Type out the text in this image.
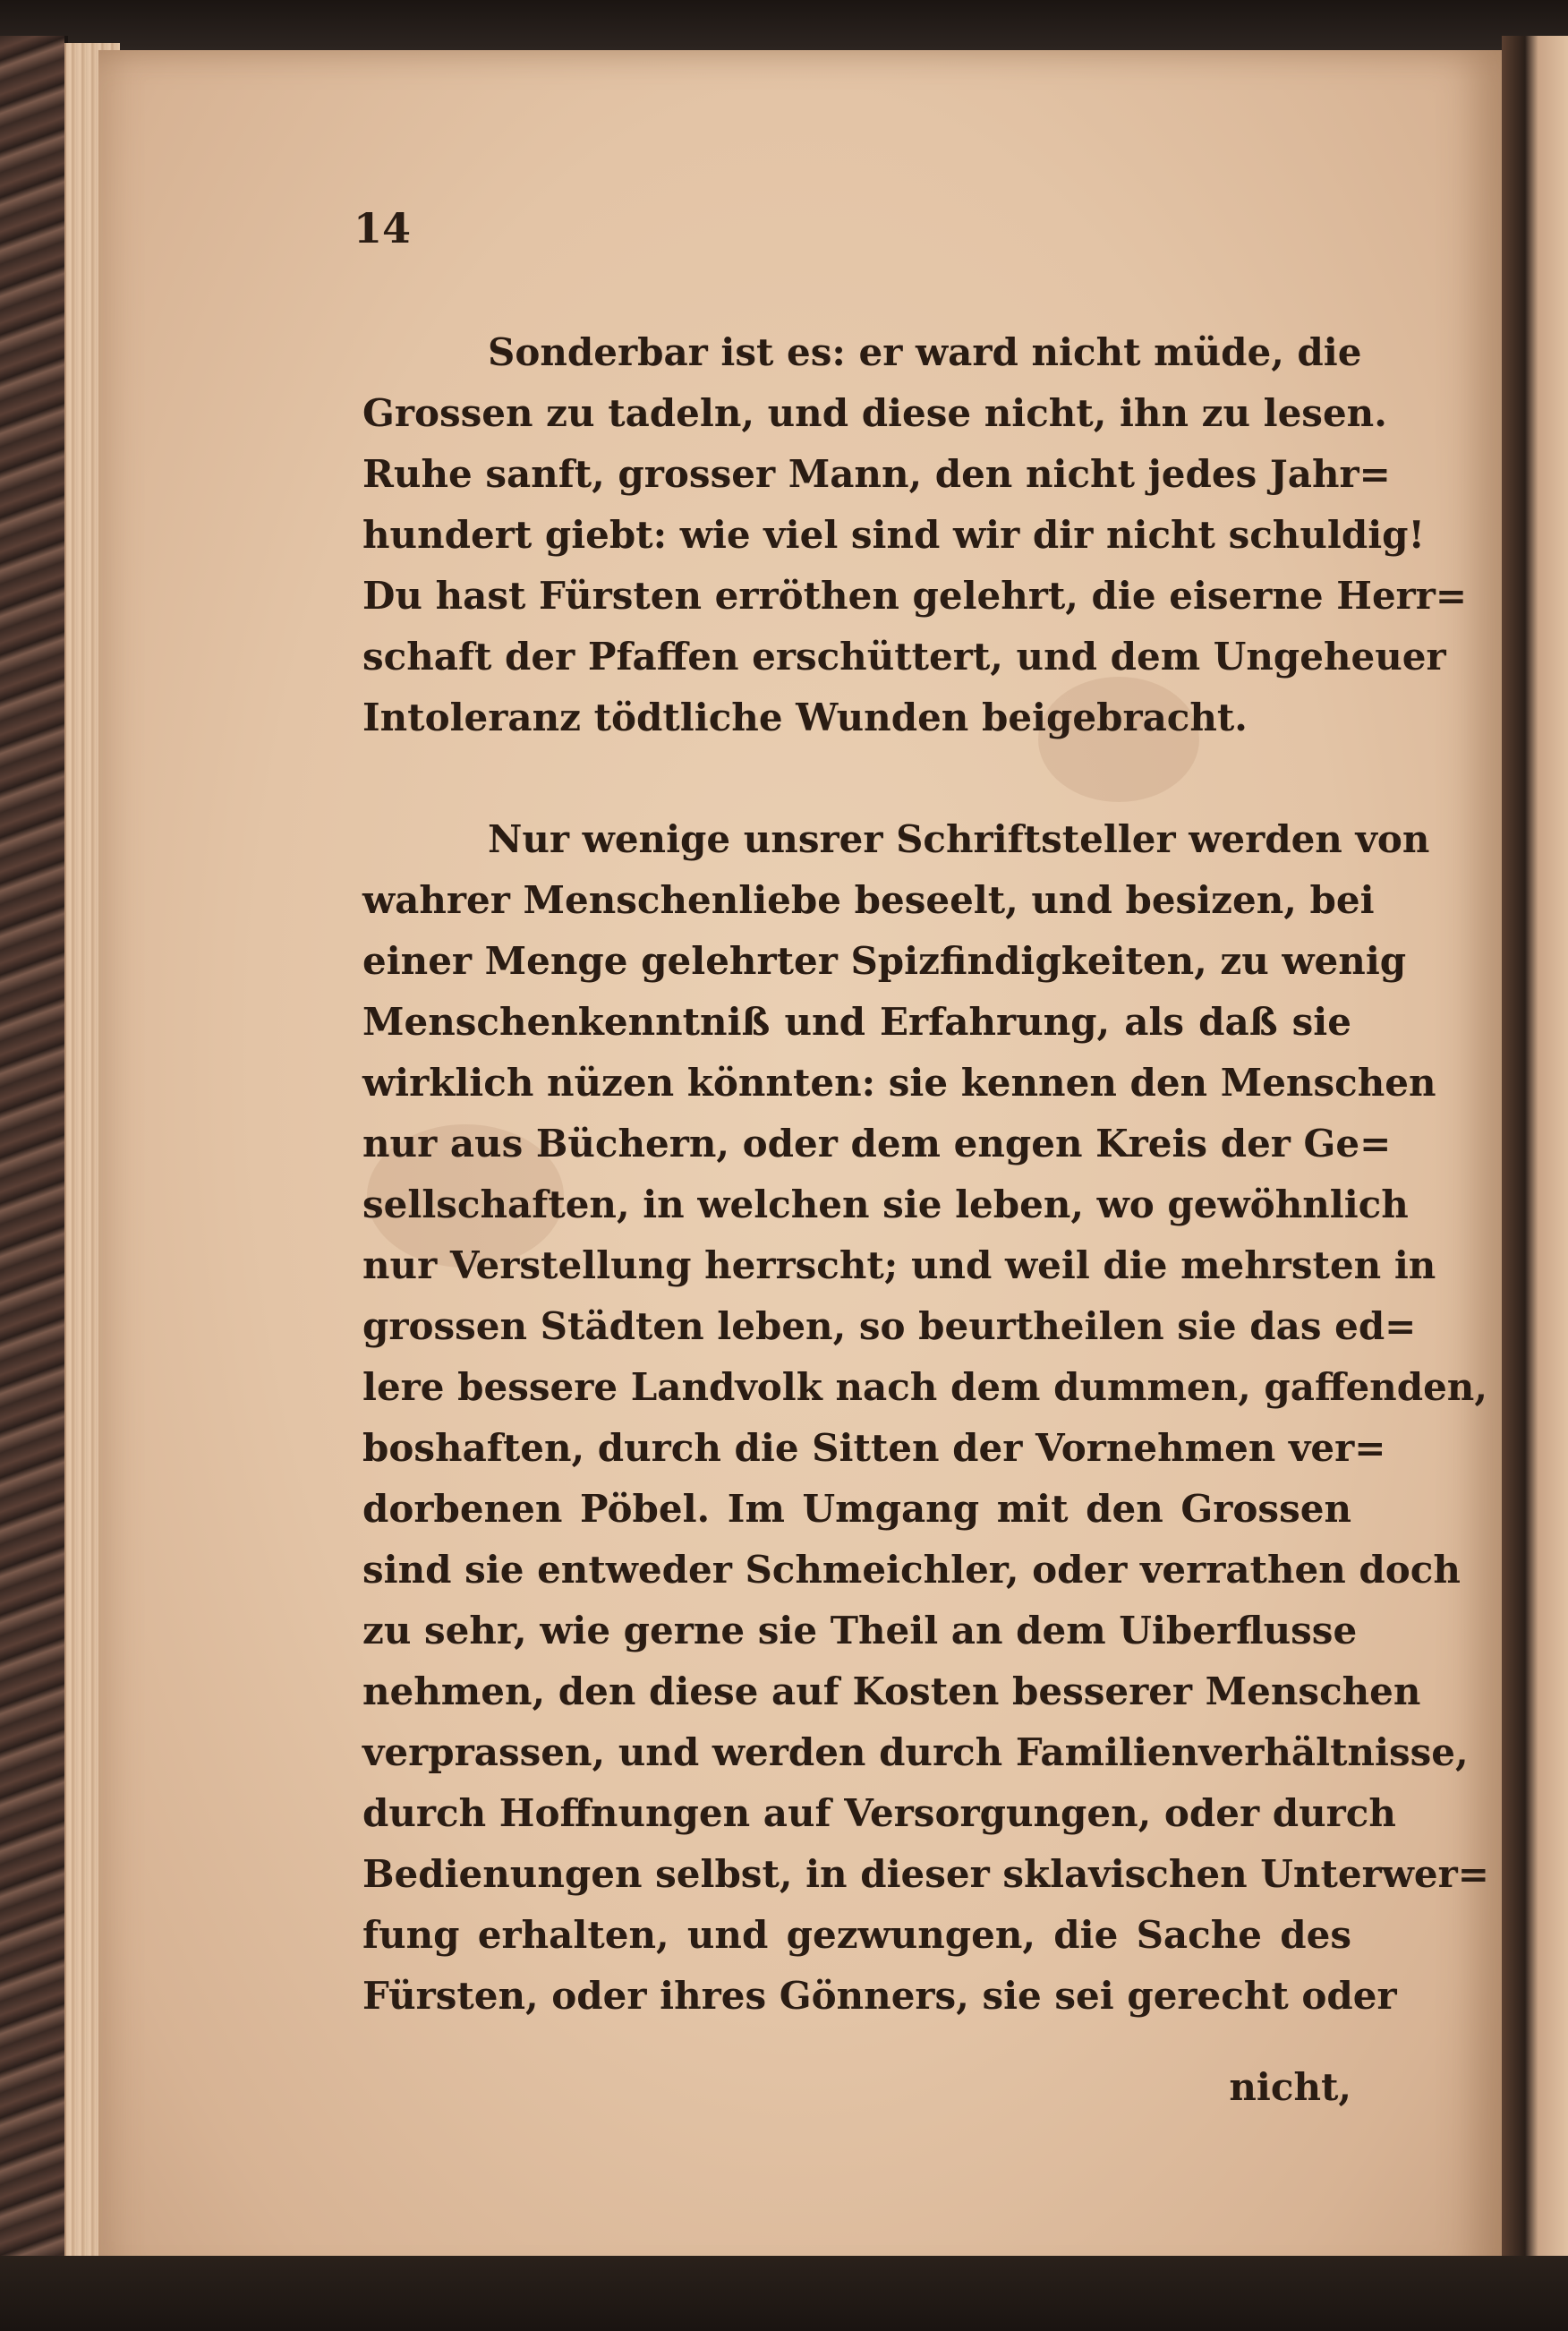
14

Sonderbar ist es: er ward nicht müde, die
Grossen zu tadeln, und diese nicht, ihn zu lesen.
Ruhe sanft, grosser Mann, den nicht jedes Jahr=
hundert giebt: wie viel sind wir dir nicht schuldig!
Du hast Fürsten erröthen gelehrt, die eiserne Herr=
schaft der Pfaffen erschüttert, und dem Ungeheuer
Intoleranz tödtliche Wunden beigebracht.

Nur wenige unsrer Schriftsteller werden von
wahrer Menschenliebe beseelt, und besizen, bei
einer Menge gelehrter Spizfindigkeiten, zu wenig
Menschenkenntniß und Erfahrung, als daß sie
wirklich nüzen könnten: sie kennen den Menschen
nur aus Büchern, oder dem engen Kreis der Ge=
sellschaften, in welchen sie leben, wo gewöhnlich
nur Verstellung herrscht; und weil die mehrsten in
grossen Städten leben, so beurtheilen sie das ed=
lere bessere Landvolk nach dem dummen, gaffenden,
boshaften, durch die Sitten der Vornehmen ver=
dorbenen Pöbel. Im Umgang mit den Grossen
sind sie entweder Schmeichler, oder verrathen doch
zu sehr, wie gerne sie Theil an dem Uiberflusse
nehmen, den diese auf Kosten besserer Menschen
verprassen, und werden durch Familienverhältnisse,
durch Hoffnungen auf Versorgungen, oder durch
Bedienungen selbst, in dieser sklavischen Unterwer=
fung erhalten, und gezwungen, die Sache des
Fürsten, oder ihres Gönners, sie sei gerecht oder

nicht,
